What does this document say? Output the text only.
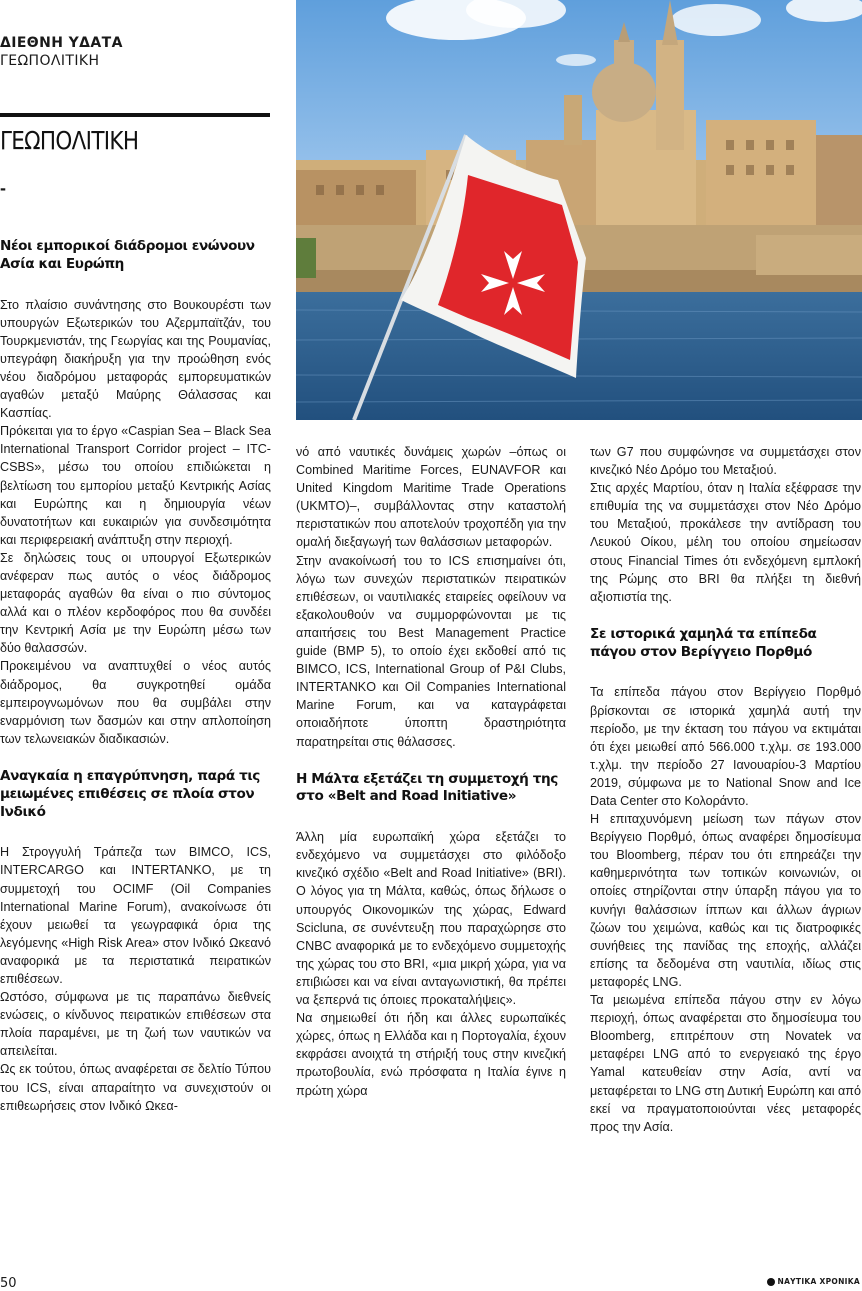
ΔΙΕΘΝΗ ΥΔΑΤΑ
ΓΕΩΠΟΛΙΤΙΚΗ
ΓΕΩΠΟΛΙΤΙΚΗ
-
Νέοι εμπορικοί διάδρομοι ενώνουν Ασία και Ευρώπη

Στο πλαίσιο συνάντησης στο Βουκουρέστι των υπουργών Εξωτερικών του Αζερμπαϊτζάν, του Τουρκμενιστάν, της Γεωργίας και της Ρουμανίας, υπεγράφη διακήρυξη για την προώθηση ενός νέου διαδρόμου μεταφοράς εμπορευματικών αγαθών μεταξύ Μαύρης Θάλασσας και Κασπίας.

Πρόκειται για το έργο «Caspian Sea – Black Sea International Transport Corridor project – ITC-CSBS», μέσω του οποίου επιδιώκεται η βελτίωση του εμπορίου μεταξύ Κεντρικής Ασίας και Ευρώπης και η δημιουργία νέων δυνατοτήτων και ευκαιριών για συνδεσιμότητα και περιφερειακή ανάπτυξη στην περιοχή.

Σε δηλώσεις τους οι υπουργοί Εξωτερικών ανέφεραν πως αυτός ο νέος διάδρομος μεταφοράς αγαθών θα είναι ο πιο σύντομος αλλά και ο πλέον κερδοφόρος που θα συνδέει την Κεντρική Ασία με την Ευρώπη μέσω των δύο θαλασσών.

Προκειμένου να αναπτυχθεί ο νέος αυτός διάδρομος, θα συγκροτηθεί ομάδα εμπειρογνωμόνων που θα συμβάλει στην εναρμόνιση των δασμών και στην απλοποίηση των τελωνειακών διαδικασιών.

Αναγκαία η επαγρύπνηση, παρά τις μειωμένες επιθέσεις σε πλοία στον Ινδικό

Η Στρογγυλή Τράπεζα των BIMCO, ICS, INTERCARGO και INTERTANKO, με τη συμμετοχή του OCIMF (Oil Companies International Marine Forum), ανακοίνωσε ότι έχουν μειωθεί τα γεωγραφικά όρια της λεγόμενης «High Risk Area» στον Ινδικό Ωκεανό αναφορικά με τα περιστατικά πειρατικών επιθέσεων.

Ωστόσο, σύμφωνα με τις παραπάνω διεθνείς ενώσεις, ο κίνδυνος πειρατικών επιθέσεων στα πλοία παραμένει, με τη ζωή των ναυτικών να απειλείται.

Ως εκ τούτου, όπως αναφέρεται σε δελτίο Τύπου του ICS, είναι απαραίτητο να συνεχιστούν οι επιθεωρήσεις στον Ινδικό Ωκεα-

νό από ναυτικές δυνάμεις χωρών –όπως οι Combined Maritime Forces, EUNAVFOR και United Kingdom Maritime Trade Operations (UKMTO)–, συμβάλλοντας στην καταστολή περιστατικών που αποτελούν τροχοπέδη για την ομαλή διεξαγωγή των θαλάσσιων μεταφορών.

Στην ανακοίνωσή του το ICS επισημαίνει ότι, λόγω των συνεχών περιστατικών πειρατικών επιθέσεων, οι ναυτιλιακές εταιρείες οφείλουν να εξακολουθούν να συμμορφώνονται με τις απαιτήσεις του Best Management Practice guide (BMP 5), το οποίο έχει εκδοθεί από τις BIMCO, ICS, International Group of P&I Clubs, INTERTANKO και Oil Companies International Marine Forum, και να καταγράφεται οποιαδήποτε ύποπτη δραστηριότητα παρατηρείται στις θάλασσες.

Η Μάλτα εξετάζει τη συμμετοχή της στο «Belt and Road Initiative»

Άλλη μία ευρωπαϊκή χώρα εξετάζει το ενδεχόμενο να συμμετάσχει στο φιλόδοξο κινεζικό σχέδιο «Belt and Road Initiative» (BRI). Ο λόγος για τη Μάλτα, καθώς, όπως δήλωσε ο υπουργός Οικονομικών της χώρας, Edward Scicluna, σε συνέντευξη που παραχώρησε στο CNBC αναφορικά με το ενδεχόμενο συμμετοχής της χώρας του στο BRI, «μια μικρή χώρα, για να επιβιώσει και να είναι ανταγωνιστική, θα πρέπει να ξεπερνά τις όποιες προκαταλήψεις».

Να σημειωθεί ότι ήδη και άλλες ευρωπαϊκές χώρες, όπως η Ελλάδα και η Πορτογαλία, έχουν εκφράσει ανοιχτά τη στήριξή τους στην κινεζική πρωτοβουλία, ενώ πρόσφατα η Ιταλία έγινε η πρώτη χώρα

των G7 που συμφώνησε να συμμετάσχει στον κινεζικό Νέο Δρόμο του Μεταξιού.

Στις αρχές Μαρτίου, όταν η Ιταλία εξέφρασε την επιθυμία της να συμμετάσχει στον Νέο Δρόμο του Μεταξιού, προκάλεσε την αντίδραση του Λευκού Οίκου, μέλη του οποίου σημείωσαν στους Financial Times ότι ενδεχόμενη εμπλοκή της Ρώμης στο BRI θα πλήξει τη διεθνή αξιοπιστία της.

Σε ιστορικά χαμηλά τα επίπεδα πάγου στον Βερίγγειο Πορθμό

Τα επίπεδα πάγου στον Βερίγγειο Πορθμό βρίσκονται σε ιστορικά χαμηλά αυτή την περίοδο, με την έκταση του πάγου να εκτιμάται ότι έχει μειωθεί από 566.000 τ.χλμ. σε 193.000 τ.χλμ. την περίοδο 27 Ιανουαρίου-3 Μαρτίου 2019, σύμφωνα με το National Snow and Ice Data Center στο Κολοράντο.

Η επιταχυνόμενη μείωση των πάγων στον Βερίγγειο Πορθμό, όπως αναφέρει δημοσίευμα του Bloomberg, πέραν του ότι επηρεάζει την καθημερινότητα των τοπικών κοινωνιών, οι οποίες στηρίζονται στην ύπαρξη πάγου για το κυνήγι θαλάσσιων ίππων και άλλων άγριων ζώων του χειμώνα, καθώς και τις διατροφικές συνήθειες της πανίδας της εποχής, αλλάζει επίσης τα δεδομένα στη ναυτιλία, ιδίως στις μεταφορές LNG.

Τα μειωμένα επίπεδα πάγου στην εν λόγω περιοχή, όπως αναφέρεται στο δημοσίευμα του Bloomberg, επιτρέπουν στη Novatek να μεταφέρει LNG από το ενεργειακό της έργο Yamal κατευθείαν στην Ασία, αντί να μεταφέρεται το LNG στη Δυτική Ευρώπη και από εκεί να πραγματοποιούνται νέες μεταφορές προς την Ασία.

50	ΝΑΥΤΙΚΑ ΧΡΟΝΙΚΑ
